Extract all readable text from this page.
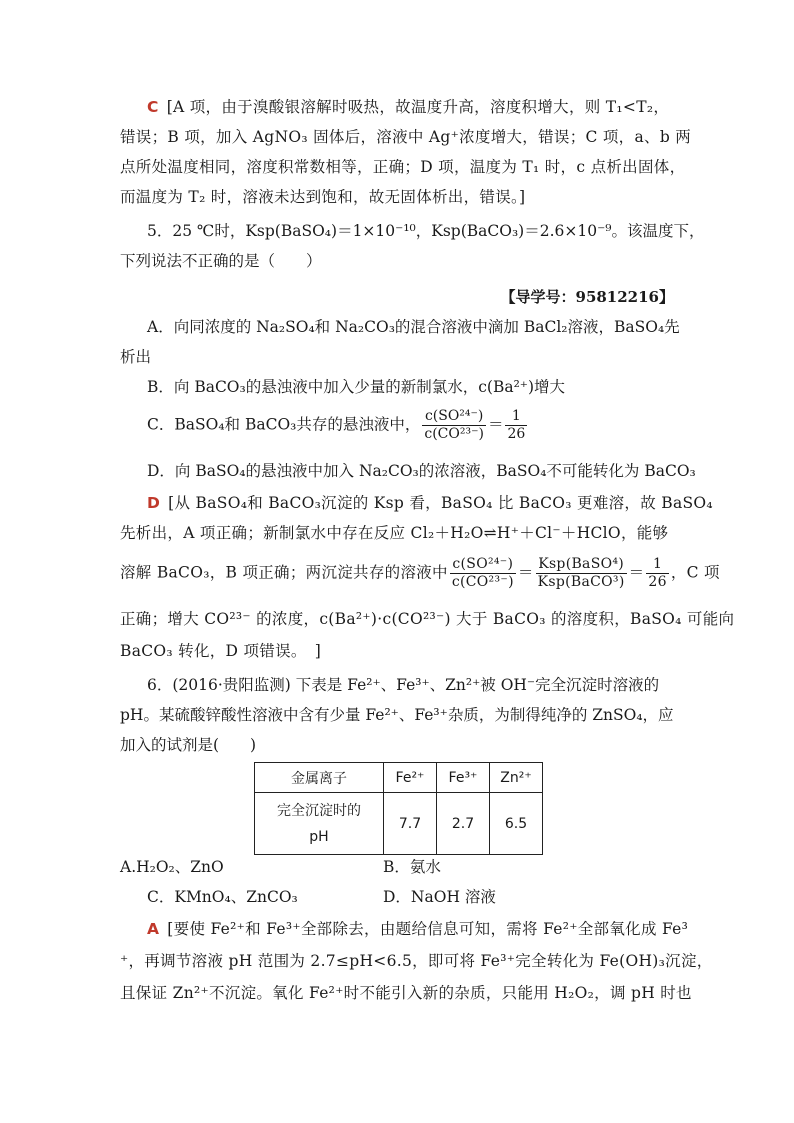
C [A 项，由于溴酸银溶解时吸热，故温度升高，溶度积增大，则 T₁<T₂，
错误；B 项，加入 AgNO₃ 固体后，溶液中 Ag⁺浓度增大，错误；C 项，a、b 两
点所处温度相同，溶度积常数相等，正确；D 项，温度为 T₁ 时，c 点析出固体，
而温度为 T₂ 时，溶液未达到饱和，故无固体析出，错误。]
5．25 ℃时，Ksp(BaSO₄)＝1×10⁻¹⁰，Ksp(BaCO₃)＝2.6×10⁻⁹。该温度下，
下列说法不正确的是（　　）
【导学号：95812216】
A．向同浓度的 Na₂SO₄和 Na₂CO₃的混合溶液中滴加 BaCl₂溶液，BaSO₄先
析出
B．向 BaCO₃的悬浊液中加入少量的新制氯水，c(Ba²⁺)增大
C．BaSO₄和 BaCO₃共存的悬浊液中， $\frac{\text{c(SO²⁴⁻)}}{\text{c(CO²³⁻)}} = \frac{1}{26}$
D．向 BaSO₄的悬浊液中加入 Na₂CO₃的浓溶液，BaSO₄不可能转化为 BaCO₃
D [从 BaSO₄和 BaCO₃沉淀的 Ksp 看，BaSO₄ 比 BaCO₃ 更难溶，故 BaSO₄
先析出，A 项正确；新制氯水中存在反应 Cl₂＋H₂O⇌H⁺＋Cl⁻＋HClO，能够
溶解 BaCO₃，B 项正确；两沉淀共存的溶液中 $\frac{\text{c(SO²⁴⁻)}}{\text{c(CO²³⁻)}} = \frac{\text{Ksp(BaSO⁴)}}{\text{Ksp(BaCO³)}} = \frac{1}{26}$ ，C 项
正确；增大 CO²³⁻ 的浓度，c(Ba²⁺)·c(CO²³⁻) 大于 BaCO₃ 的溶度积，BaSO₄ 可能向
BaCO₃ 转化，D 项错误。　]
6．(2016·贵阳监测) 下表是 Fe²⁺、Fe³⁺、Zn²⁺被 OH⁻完全沉淀时溶液的
pH。某硫酸锌酸性溶液中含有少量 Fe²⁺、Fe³⁺杂质，为制得纯净的 ZnSO₄，应
加入的试剂是(　　)
金属离子	Fe²⁺	Fe³⁺	Zn²⁺
完全沉淀时的
pH	7.7	2.7	6.5
A.H₂O₂、ZnO	B．氨水
C．KMnO₄、ZnCO₃	D．NaOH 溶液
A [要使 Fe²⁺和 Fe³⁺全部除去，由题给信息可知，需将 Fe²⁺全部氧化成 Fe³
⁺，再调节溶液 pH 范围为 2.7≤pH<6.5，即可将 Fe³⁺完全转化为 Fe(OH)₃沉淀，
且保证 Zn²⁺不沉淀。氧化 Fe²⁺时不能引入新的杂质，只能用 H₂O₂，调 pH 时也
